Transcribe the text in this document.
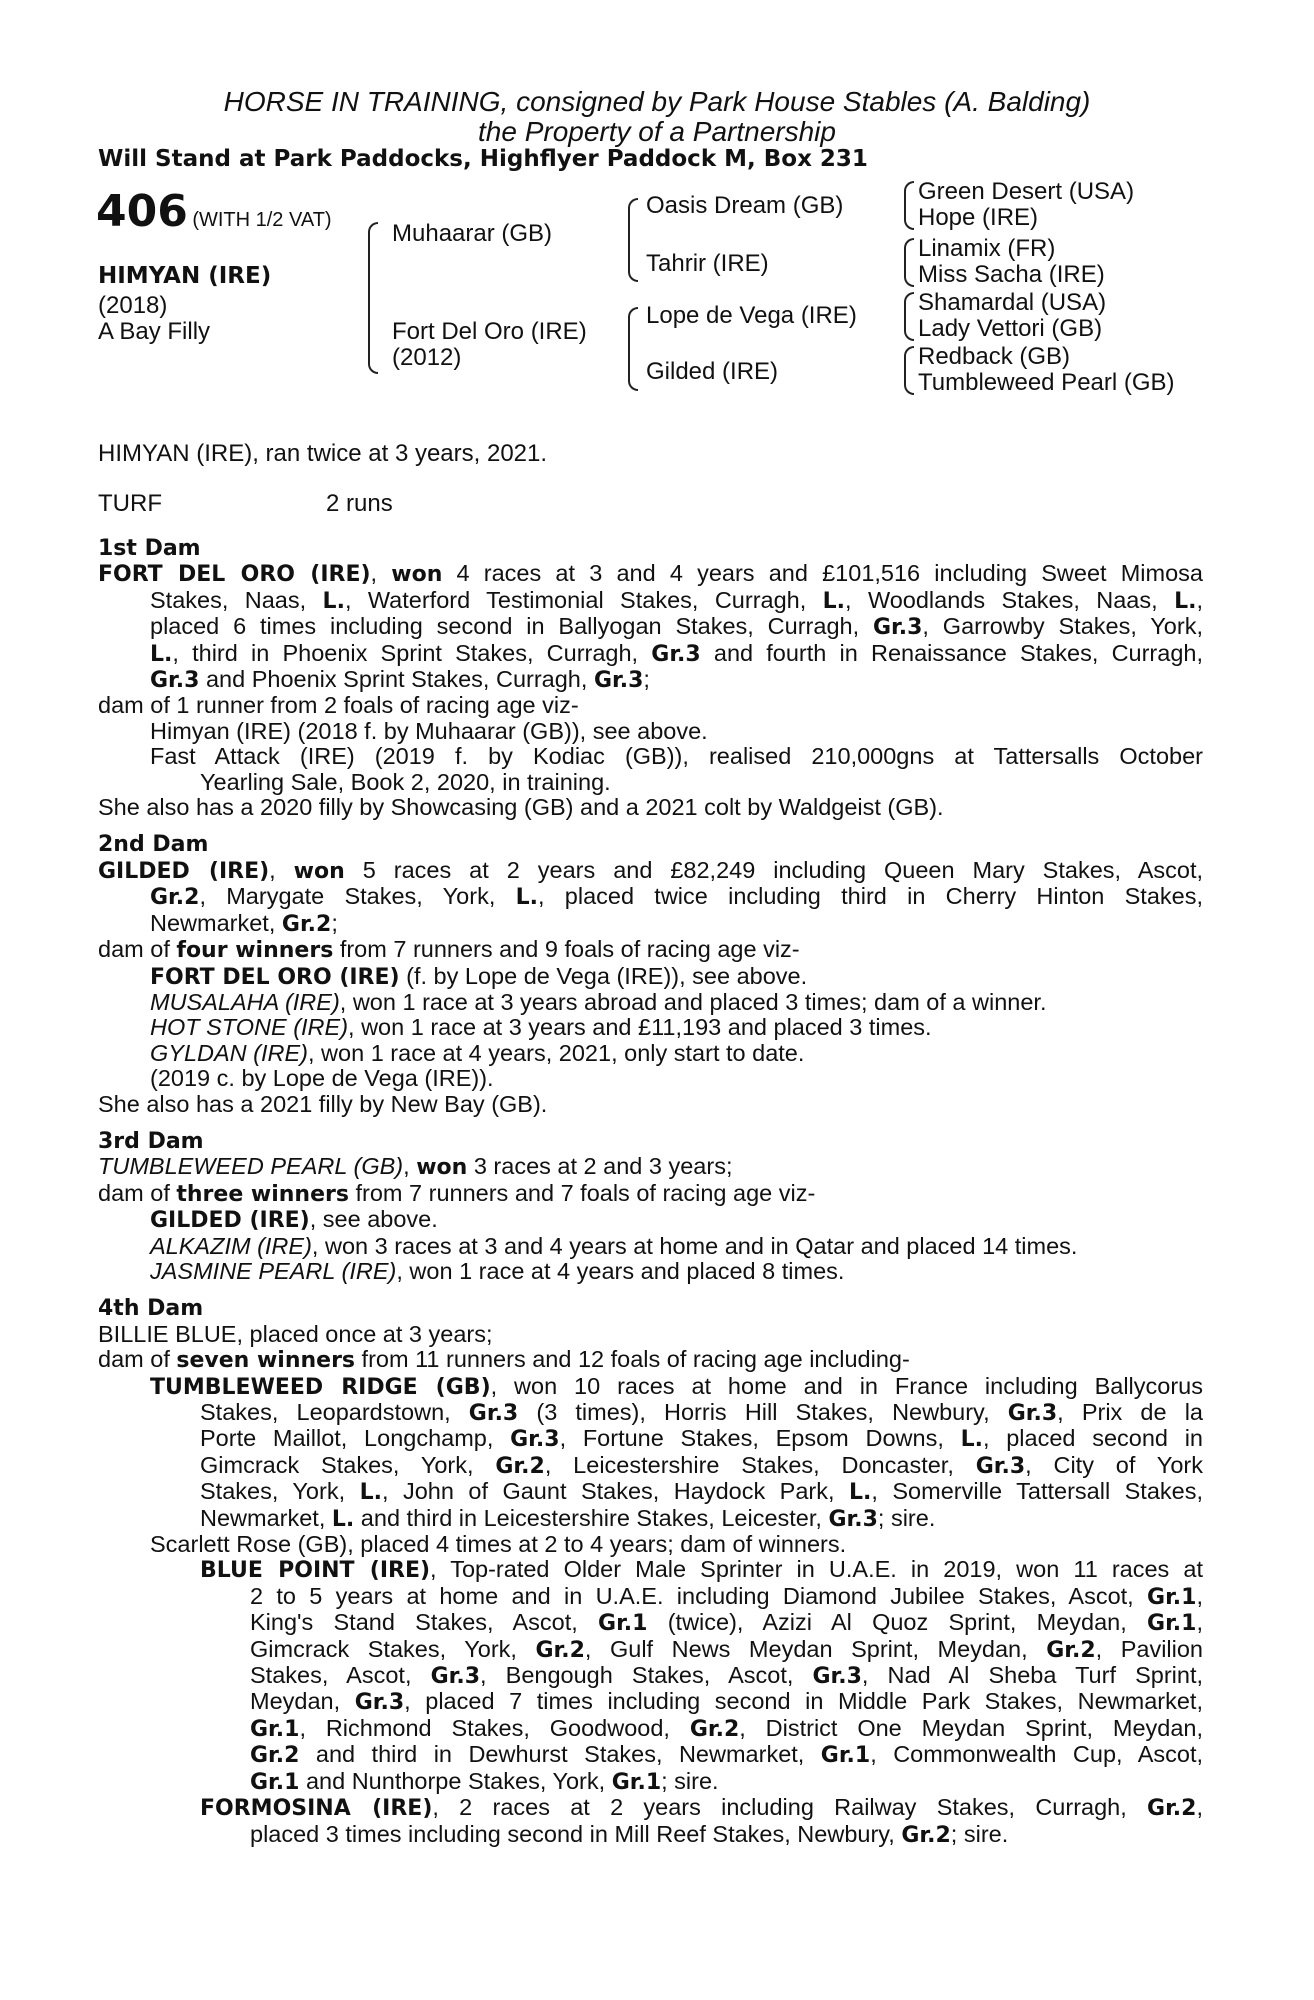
HORSE IN TRAINING, consigned by Park House Stables (A. Balding)
the Property of a Partnership
Will Stand at Park Paddocks, Highflyer Paddock M, Box 231
406 (WITH 1/2 VAT)
HIMYAN (IRE)
(2018)
A Bay Filly
Muhaarar (GB)
Fort Del Oro (IRE)
(2012)
Oasis Dream (GB)
Tahrir (IRE)
Lope de Vega (IRE)
Gilded (IRE)
Green Desert (USA)
Hope (IRE)
Linamix (FR)
Miss Sacha (IRE)
Shamardal (USA)
Lady Vettori (GB)
Redback (GB)
Tumbleweed Pearl (GB)
HIMYAN (IRE), ran twice at 3 years, 2021.
TURF	2 runs
1st Dam
FORT DEL ORO (IRE), won 4 races at 3 and 4 years and £101,516 including Sweet Mimosa
Stakes, Naas, L., Waterford Testimonial Stakes, Curragh, L., Woodlands Stakes, Naas, L.,
placed 6 times including second in Ballyogan Stakes, Curragh, Gr.3, Garrowby Stakes, York,
L., third in Phoenix Sprint Stakes, Curragh, Gr.3 and fourth in Renaissance Stakes, Curragh,
Gr.3 and Phoenix Sprint Stakes, Curragh, Gr.3;
dam of 1 runner from 2 foals of racing age viz-
Himyan (IRE) (2018 f. by Muhaarar (GB)), see above.
Fast Attack (IRE) (2019 f. by Kodiac (GB)), realised 210,000gns at Tattersalls October
Yearling Sale, Book 2, 2020, in training.
She also has a 2020 filly by Showcasing (GB) and a 2021 colt by Waldgeist (GB).
2nd Dam
GILDED (IRE), won 5 races at 2 years and £82,249 including Queen Mary Stakes, Ascot,
Gr.2, Marygate Stakes, York, L., placed twice including third in Cherry Hinton Stakes,
Newmarket, Gr.2;
dam of four winners from 7 runners and 9 foals of racing age viz-
FORT DEL ORO (IRE) (f. by Lope de Vega (IRE)), see above.
MUSALAHA (IRE), won 1 race at 3 years abroad and placed 3 times; dam of a winner.
HOT STONE (IRE), won 1 race at 3 years and £11,193 and placed 3 times.
GYLDAN (IRE), won 1 race at 4 years, 2021, only start to date.
(2019 c. by Lope de Vega (IRE)).
She also has a 2021 filly by New Bay (GB).
3rd Dam
TUMBLEWEED PEARL (GB), won 3 races at 2 and 3 years;
dam of three winners from 7 runners and 7 foals of racing age viz-
GILDED (IRE), see above.
ALKAZIM (IRE), won 3 races at 3 and 4 years at home and in Qatar and placed 14 times.
JASMINE PEARL (IRE), won 1 race at 4 years and placed 8 times.
4th Dam
BILLIE BLUE, placed once at 3 years;
dam of seven winners from 11 runners and 12 foals of racing age including-
TUMBLEWEED RIDGE (GB), won 10 races at home and in France including Ballycorus
Stakes, Leopardstown, Gr.3 (3 times), Horris Hill Stakes, Newbury, Gr.3, Prix de la
Porte Maillot, Longchamp, Gr.3, Fortune Stakes, Epsom Downs, L., placed second in
Gimcrack Stakes, York, Gr.2, Leicestershire Stakes, Doncaster, Gr.3, City of York
Stakes, York, L., John of Gaunt Stakes, Haydock Park, L., Somerville Tattersall Stakes,
Newmarket, L. and third in Leicestershire Stakes, Leicester, Gr.3; sire.
Scarlett Rose (GB), placed 4 times at 2 to 4 years; dam of winners.
BLUE POINT (IRE), Top-rated Older Male Sprinter in U.A.E. in 2019, won 11 races at
2 to 5 years at home and in U.A.E. including Diamond Jubilee Stakes, Ascot, Gr.1,
King's Stand Stakes, Ascot, Gr.1 (twice), Azizi Al Quoz Sprint, Meydan, Gr.1,
Gimcrack Stakes, York, Gr.2, Gulf News Meydan Sprint, Meydan, Gr.2, Pavilion
Stakes, Ascot, Gr.3, Bengough Stakes, Ascot, Gr.3, Nad Al Sheba Turf Sprint,
Meydan, Gr.3, placed 7 times including second in Middle Park Stakes, Newmarket,
Gr.1, Richmond Stakes, Goodwood, Gr.2, District One Meydan Sprint, Meydan,
Gr.2 and third in Dewhurst Stakes, Newmarket, Gr.1, Commonwealth Cup, Ascot,
Gr.1 and Nunthorpe Stakes, York, Gr.1; sire.
FORMOSINA (IRE), 2 races at 2 years including Railway Stakes, Curragh, Gr.2,
placed 3 times including second in Mill Reef Stakes, Newbury, Gr.2; sire.
